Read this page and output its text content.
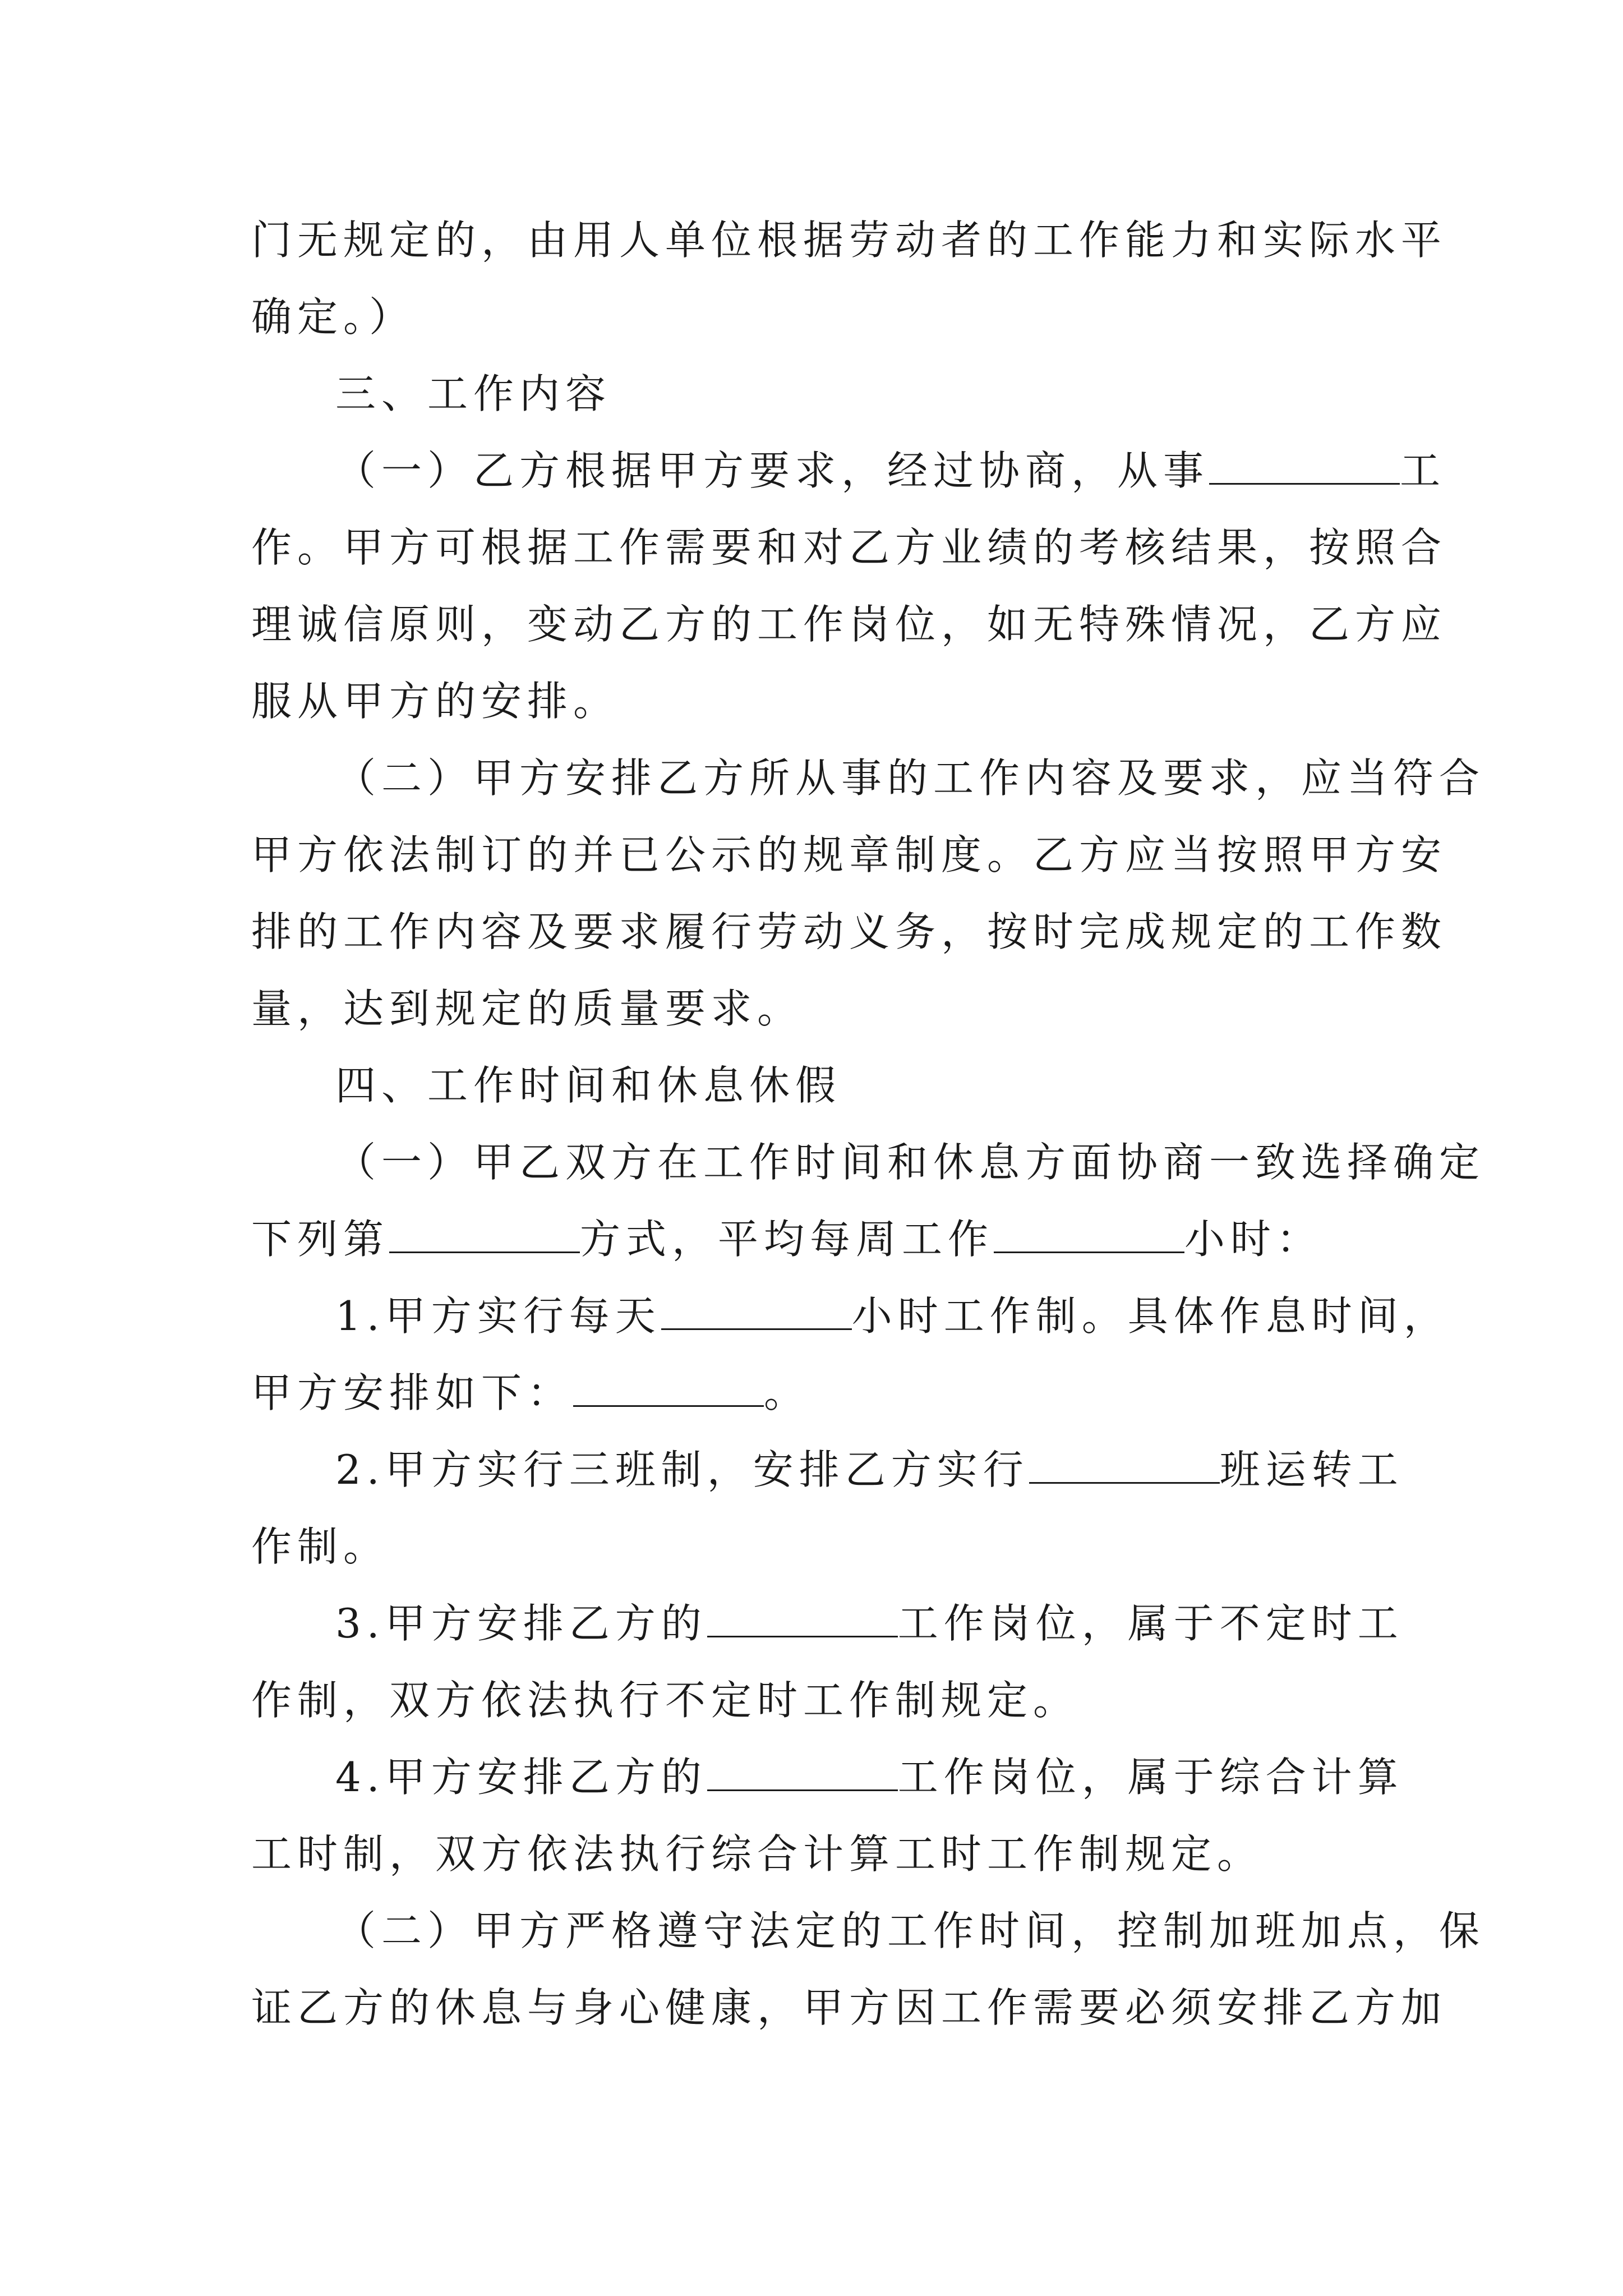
门无规定的，由用人单位根据劳动者的工作能力和实际水平
确定。）
三、工作内容
（一）乙方根据甲方要求，经过协商，从事	工
作。甲方可根据工作需要和对乙方业绩的考核结果，按照合
理诚信原则，变动乙方的工作岗位，如无特殊情况，乙方应
服从甲方的安排。
（二）甲方安排乙方所从事的工作内容及要求，应当符合
甲方依法制订的并已公示的规章制度。乙方应当按照甲方安
排的工作内容及要求履行劳动义务，按时完成规定的工作数
量，达到规定的质量要求。
四、工作时间和休息休假
（一）甲乙双方在工作时间和休息方面协商一致选择确定
下列第	方式，平均每周工作	小时：
1.甲方实行每天	小时工作制。具体作息时间，
甲方安排如下：	。
2.甲方实行三班制，安排乙方实行	班运转工
作制。
3.甲方安排乙方的	工作岗位，属于不定时工
作制，双方依法执行不定时工作制规定。
4.甲方安排乙方的	工作岗位，属于综合计算
工时制，双方依法执行综合计算工时工作制规定。
（二）甲方严格遵守法定的工作时间，控制加班加点，保
证乙方的休息与身心健康，甲方因工作需要必须安排乙方加
